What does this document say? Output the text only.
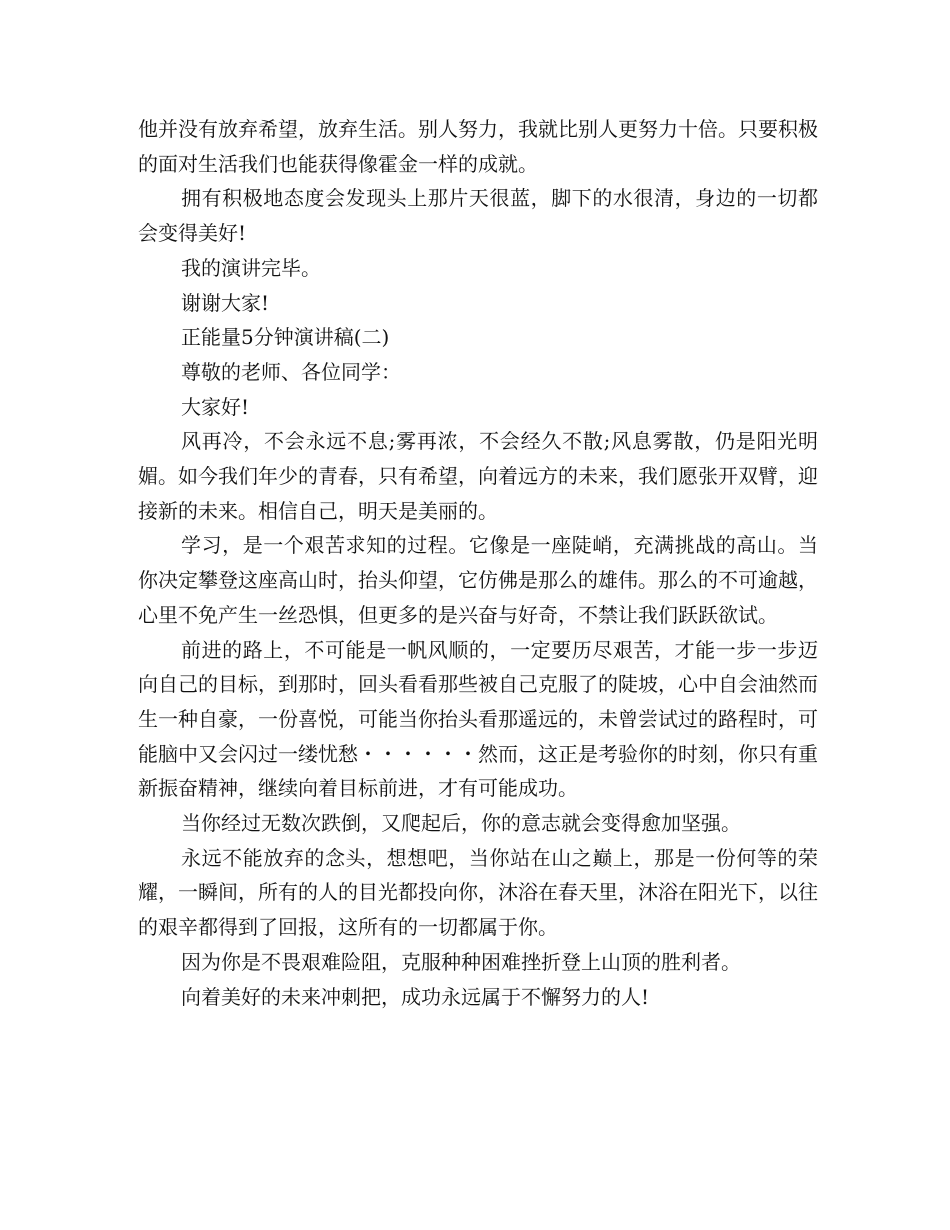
他并没有放弃希望，放弃生活。别人努力，我就比别人更努力十倍。只要积极的面对生活我们也能获得像霍金一样的成就。

拥有积极地态度会发现头上那片天很蓝，脚下的水很清，身边的一切都会变得美好!

我的演讲完毕。

谢谢大家!

正能量5分钟演讲稿(二)

尊敬的老师、各位同学：

大家好!

风再冷，不会永远不息;雾再浓，不会经久不散;风息雾散，仍是阳光明媚。如今我们年少的青春，只有希望，向着远方的未来，我们愿张开双臂，迎接新的未来。相信自己，明天是美丽的。

学习，是一个艰苦求知的过程。它像是一座陡峭，充满挑战的高山。当你决定攀登这座高山时，抬头仰望，它仿佛是那么的雄伟。那么的不可逾越，心里不免产生一丝恐惧，但更多的是兴奋与好奇，不禁让我们跃跃欲试。

前进的路上，不可能是一帆风顺的，一定要历尽艰苦，才能一步一步迈向自己的目标，到那时，回头看看那些被自己克服了的陡坡，心中自会油然而生一种自豪，一份喜悦，可能当你抬头看那遥远的，未曾尝试过的路程时，可能脑中又会闪过一缕忧愁・・・・・・然而，这正是考验你的时刻，你只有重新振奋精神，继续向着目标前进，才有可能成功。

当你经过无数次跌倒，又爬起后，你的意志就会变得愈加坚强。

永远不能放弃的念头，想想吧，当你站在山之巅上，那是一份何等的荣耀，一瞬间，所有的人的目光都投向你，沐浴在春天里，沐浴在阳光下，以往的艰辛都得到了回报，这所有的一切都属于你。

因为你是不畏艰难险阻，克服种种困难挫折登上山顶的胜利者。

向着美好的未来冲刺把，成功永远属于不懈努力的人!
